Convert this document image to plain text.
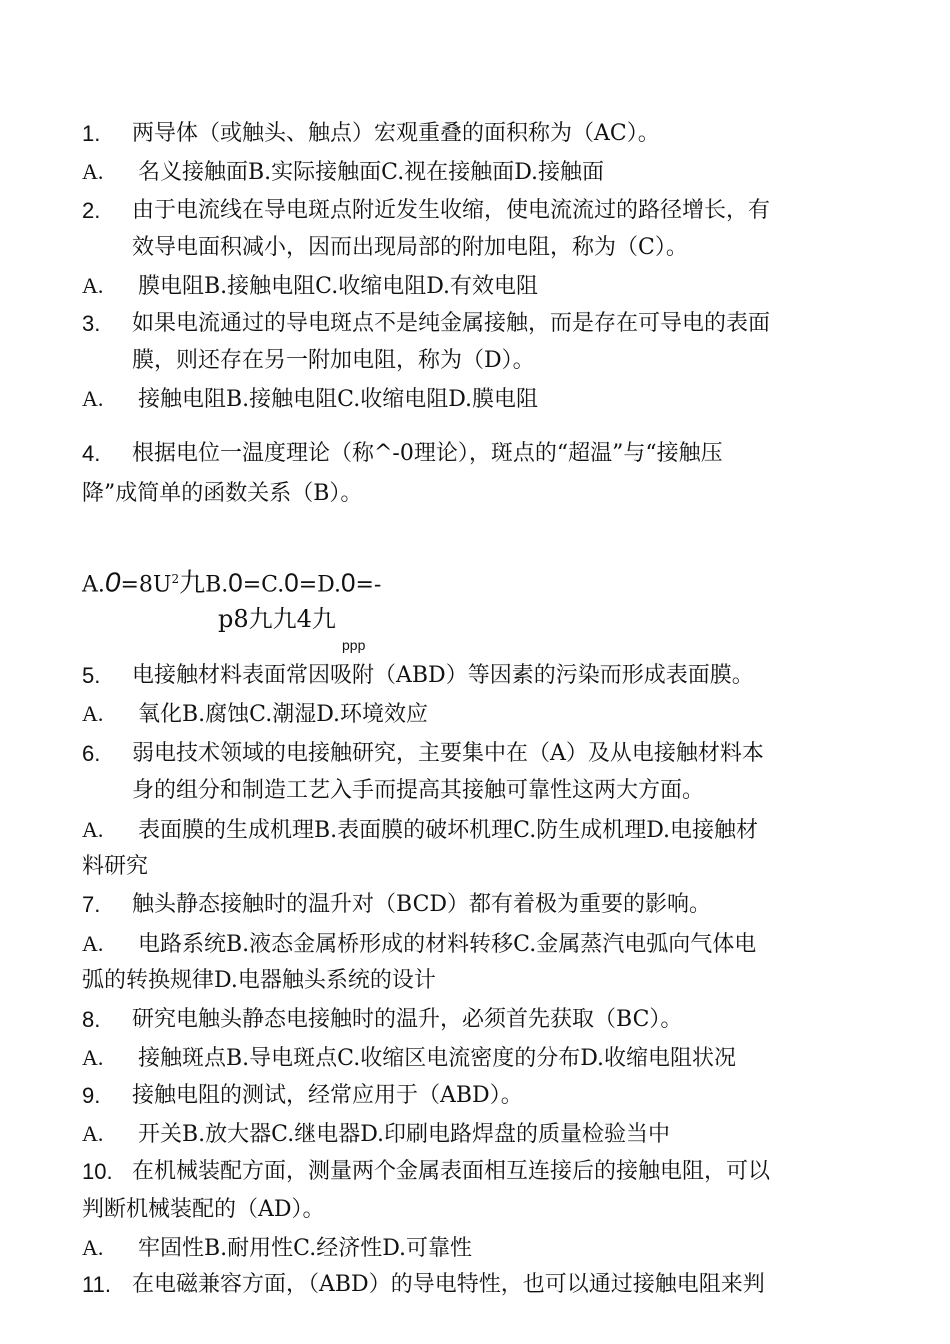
1. 两导体（或触头、触点）宏观重叠的面积称为（AC）。
A. 名义接触面B.实际接触面C.视在接触面D.接触面
2. 由于电流线在导电斑点附近发生收缩，使电流流过的路径增长，有
效导电面积减小，因而出现局部的附加电阻，称为（C）。
A. 膜电阻B.接触电阻C.收缩电阻D.有效电阻
3. 如果电流通过的导电斑点不是纯金属接触，而是存在可导电的表面
膜，则还存在另一附加电阻，称为（D）。
A. 接触电阻B.接触电阻C.收缩电阻D.膜电阻
4. 根据电位一温度理论（称^-0理论），斑点的“超温”与“接触压
降”成简单的函数关系（B）。
$A.0=8U^2$九B.0=C.0=D.0=-
p8九九4九
ppp
5. 电接触材料表面常因吸附（ABD）等因素的污染而形成表面膜。
A. 氧化B.腐蚀C.潮湿D.环境效应
6. 弱电技术领域的电接触研究，主要集中在（A）及从电接触材料本
身的组分和制造工艺入手而提高其接触可靠性这两大方面。
A. 表面膜的生成机理B.表面膜的破坏机理C.防生成机理D.电接触材
料研究
7. 触头静态接触时的温升对（BCD）都有着极为重要的影响。
A. 电路系统B.液态金属桥形成的材料转移C.金属蒸汽电弧向气体电
弧的转换规律D.电器触头系统的设计
8. 研究电触头静态电接触时的温升，必须首先获取（BC）。
A. 接触斑点B.导电斑点C.收缩区电流密度的分布D.收缩电阻状况
9. 接触电阻的测试，经常应用于（ABD）。
A. 开关B.放大器C.继电器D.印刷电路焊盘的质量检验当中
10. 在机械装配方面，测量两个金属表面相互连接后的接触电阻，可以
判断机械装配的（AD）。
A. 牢固性B.耐用性C.经济性D.可靠性
11. 在电磁兼容方面，（ABD）的导电特性，也可以通过接触电阻来判
